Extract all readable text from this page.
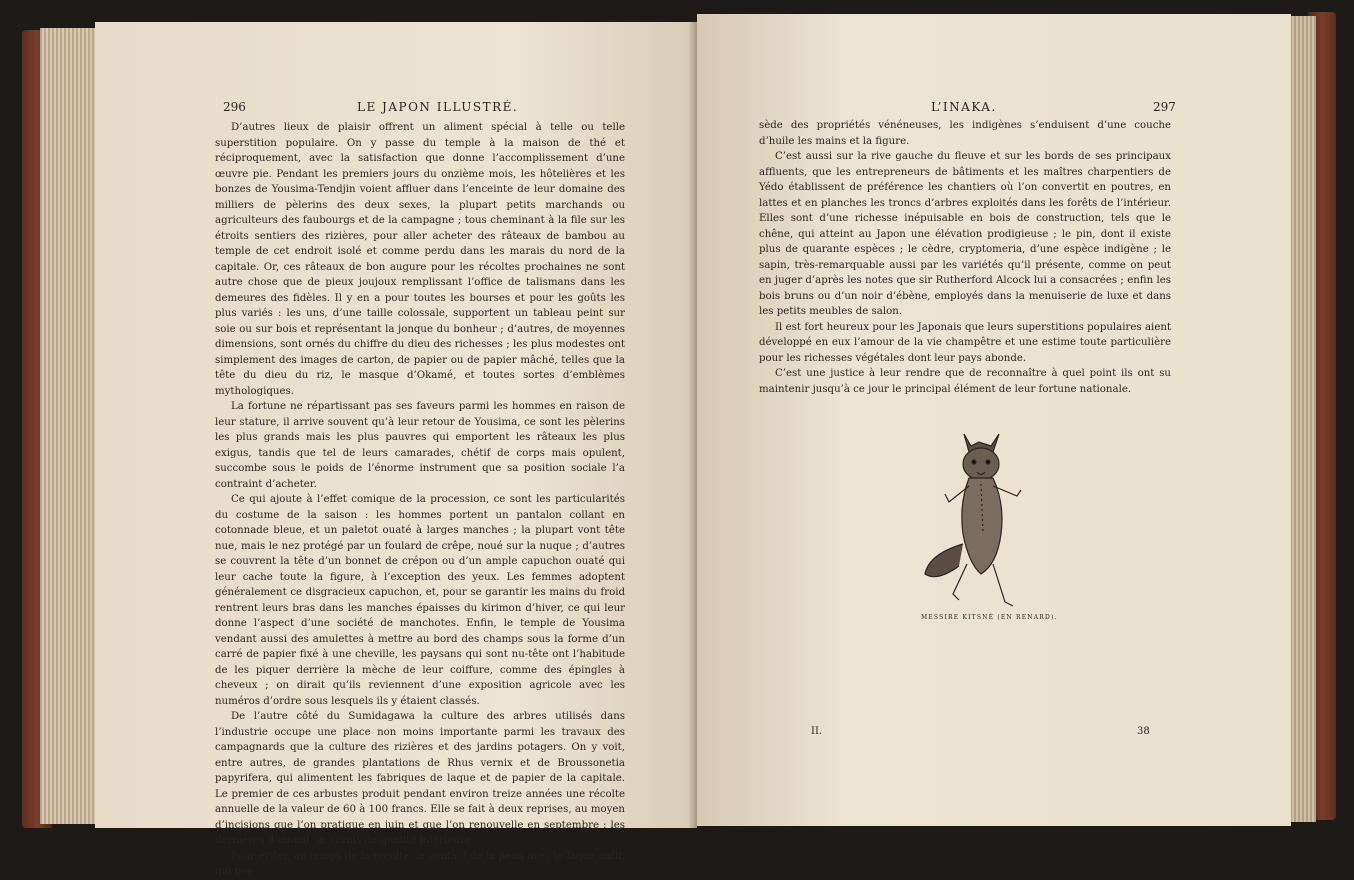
296	LE JAPON ILLUSTRÉ.

D’autres lieux de plaisir offrent un aliment spécial à telle ou telle superstition populaire. On y passe du temple à la maison de thé et réciproquement, avec la satisfaction que donne l’accomplissement d’une œuvre pie. Pendant les premiers jours du onzième mois, les hôtelières et les bonzes de Yousima-Tendjin voient affluer dans l’enceinte de leur domaine des milliers de pèlerins des deux sexes, la plupart petits marchands ou agriculteurs des faubourgs et de la campagne ; tous cheminant à la file sur les étroits sentiers des rizières, pour aller acheter des râteaux de bambou au temple de cet endroit isolé et comme perdu dans les marais du nord de la capitale. Or, ces râteaux de bon augure pour les récoltes prochaines ne sont autre chose que de pieux joujoux remplissant l’office de talismans dans les demeures des fidèles. Il y en a pour toutes les bourses et pour les goûts les plus variés : les uns, d’une taille colossale, supportent un tableau peint sur soie ou sur bois et représentant la jonque du bonheur ; d’autres, de moyennes dimensions, sont ornés du chiffre du dieu des richesses ; les plus modestes ont simplement des images de carton, de papier ou de papier mâché, telles que la tête du dieu du riz, le masque d’Okamé, et toutes sortes d’emblèmes mythologiques.

La fortune ne répartissant pas ses faveurs parmi les hommes en raison de leur stature, il arrive souvent qu’à leur retour de Yousima, ce sont les pèlerins les plus grands mais les plus pauvres qui emportent les râteaux les plus exigus, tandis que tel de leurs camarades, chétif de corps mais opulent, succombe sous le poids de l’énorme instrument que sa position sociale l’a contraint d’acheter.

Ce qui ajoute à l’effet comique de la procession, ce sont les particularités du costume de la saison : les hommes portent un pantalon collant en cotonnade bleue, et un paletot ouaté à larges manches ; la plupart vont tête nue, mais le nez protégé par un foulard de crêpe, noué sur la nuque ; d’autres se couvrent la tête d’un bonnet de crépon ou d’un ample capuchon ouaté qui leur cache toute la figure, à l’exception des yeux. Les femmes adoptent généralement ce disgracieux capuchon, et, pour se garantir les mains du froid rentrent leurs bras dans les manches épaisses du kirimon d’hiver, ce qui leur donne l’aspect d’une société de manchotes. Enfin, le temple de Yousima vendant aussi des amulettes à mettre au bord des champs sous la forme d’un carré de papier fixé à une cheville, les paysans qui sont nu-tête ont l’habitude de les piquer derrière la mèche de leur coiffure, comme des épingles à cheveux ; on dirait qu’ils reviennent d’une exposition agricole avec les numéros d’ordre sous lesquels ils y étaient classés.

De l’autre côté du Sumidagawa la culture des arbres utilisés dans l’industrie occupe une place non moins importante parmi les travaux des campagnards que la culture des rizières et des jardins potagers. On y voit, entre autres, de grandes plantations de Rhus vernix et de Broussonetia papyrifera, qui alimentent les fabriques de laque et de papier de la capitale. Le premier de ces arbustes produit pendant environ treize années une récolte annuelle de la valeur de 60 à 100 francs. Elle se fait à deux reprises, au moyen d’incisions que l’on pratique en juin et que l’on renouvelle en septembre : les dernières donnent un vernis de qualité inférieure.

Pour éviter, au temps de la récolte, le contact de la peau avec le laque natif, qui pos-

L’INAKA.	297

sède des propriétés vénéneuses, les indigènes s’enduisent d’une couche d’huile les mains et la figure.

C’est aussi sur la rive gauche du fleuve et sur les bords de ses principaux affluents, que les entrepreneurs de bâtiments et les maîtres charpentiers de Yédo établissent de préférence les chantiers où l’on convertit en poutres, en lattes et en planches les troncs d’arbres exploités dans les forêts de l’intérieur. Elles sont d’une richesse inépuisable en bois de construction, tels que le chêne, qui atteint au Japon une élévation prodigieuse ; le pin, dont il existe plus de quarante espèces ; le cèdre, cryptomeria, d’une espèce indigène ; le sapin, très-remarquable aussi par les variétés qu’il présente, comme on peut en juger d’après les notes que sir Rutherford Alcock lui a consacrées ; enfin les bois bruns ou d’un noir d’ébène, employés dans la menuiserie de luxe et dans les petits meubles de salon.

Il est fort heureux pour les Japonais que leurs superstitions populaires aient développé en eux l’amour de la vie champêtre et une estime toute particulière pour les richesses végétales dont leur pays abonde.

C’est une justice à leur rendre que de reconnaître à quel point ils ont su maintenir jusqu’à ce jour le principal élément de leur fortune nationale.

MESSIRE KITSNÉ (EN RENARD).
II.	38
